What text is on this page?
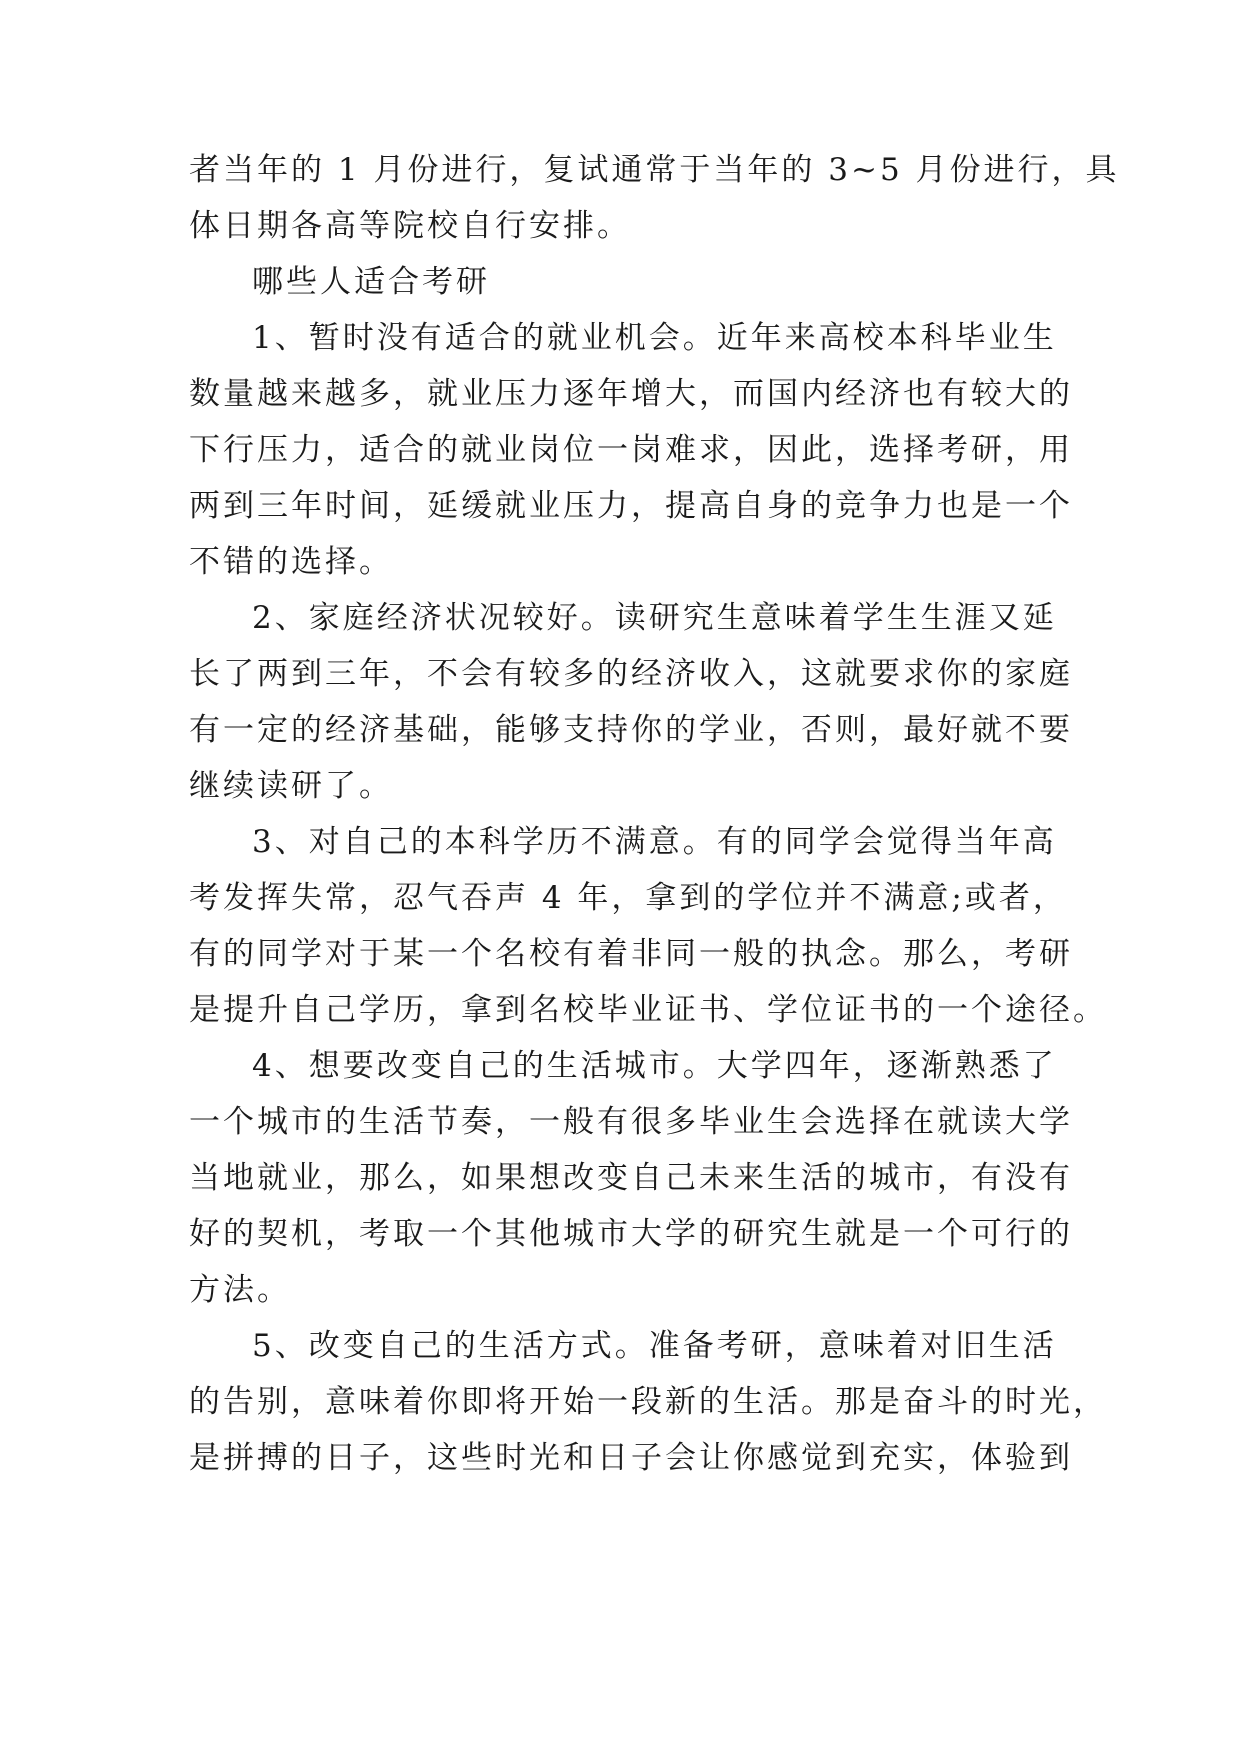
者当年的 1 月份进行，复试通常于当年的 3~5 月份进行，具
体日期各高等院校自行安排。
哪些人适合考研
1、暂时没有适合的就业机会。近年来高校本科毕业生
数量越来越多，就业压力逐年增大，而国内经济也有较大的
下行压力，适合的就业岗位一岗难求，因此，选择考研，用
两到三年时间，延缓就业压力，提高自身的竞争力也是一个
不错的选择。
2、家庭经济状况较好。读研究生意味着学生生涯又延
长了两到三年，不会有较多的经济收入，这就要求你的家庭
有一定的经济基础，能够支持你的学业，否则，最好就不要
继续读研了。
3、对自己的本科学历不满意。有的同学会觉得当年高
考发挥失常，忍气吞声 4 年，拿到的学位并不满意;或者，
有的同学对于某一个名校有着非同一般的执念。那么，考研
是提升自己学历，拿到名校毕业证书、学位证书的一个途径。
4、想要改变自己的生活城市。大学四年，逐渐熟悉了
一个城市的生活节奏，一般有很多毕业生会选择在就读大学
当地就业，那么，如果想改变自己未来生活的城市，有没有
好的契机，考取一个其他城市大学的研究生就是一个可行的
方法。
5、改变自己的生活方式。准备考研，意味着对旧生活
的告别，意味着你即将开始一段新的生活。那是奋斗的时光，
是拼搏的日子，这些时光和日子会让你感觉到充实，体验到
